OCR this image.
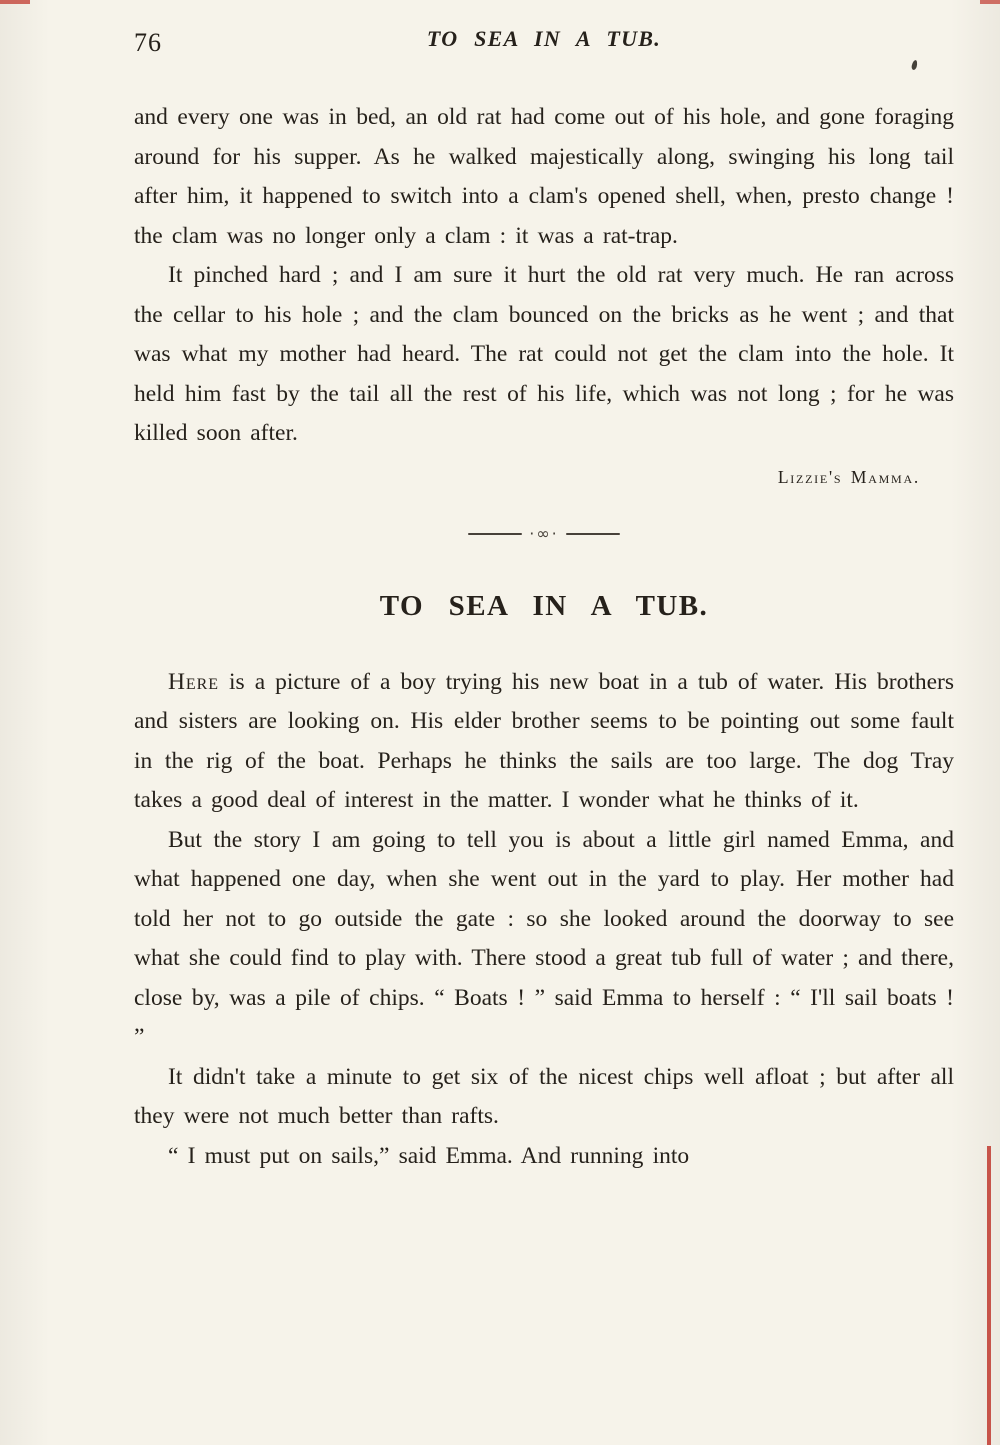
76	TO SEA IN A TUB.

and every one was in bed, an old rat had come out of his hole, and gone foraging around for his supper. As he walked majestically along, swinging his long tail after him, it happened to switch into a clam's opened shell, when, presto change ! the clam was no longer only a clam : it was a rat-trap.

It pinched hard ; and I am sure it hurt the old rat very much. He ran across the cellar to his hole ; and the clam bounced on the bricks as he went ; and that was what my mother had heard. The rat could not get the clam into the hole. It held him fast by the tail all the rest of his life, which was not long ; for he was killed soon after.

Lizzie's Mamma.

·∞·
TO SEA IN A TUB.

Here is a picture of a boy trying his new boat in a tub of water. His brothers and sisters are looking on. His elder brother seems to be pointing out some fault in the rig of the boat. Perhaps he thinks the sails are too large. The dog Tray takes a good deal of interest in the matter. I wonder what he thinks of it.

But the story I am going to tell you is about a little girl named Emma, and what happened one day, when she went out in the yard to play. Her mother had told her not to go outside the gate : so she looked around the doorway to see what she could find to play with. There stood a great tub full of water ; and there, close by, was a pile of chips. “ Boats ! ” said Emma to herself : “ I'll sail boats ! ”

It didn't take a minute to get six of the nicest chips well afloat ; but after all they were not much better than rafts.

“ I must put on sails,” said Emma. And running into
